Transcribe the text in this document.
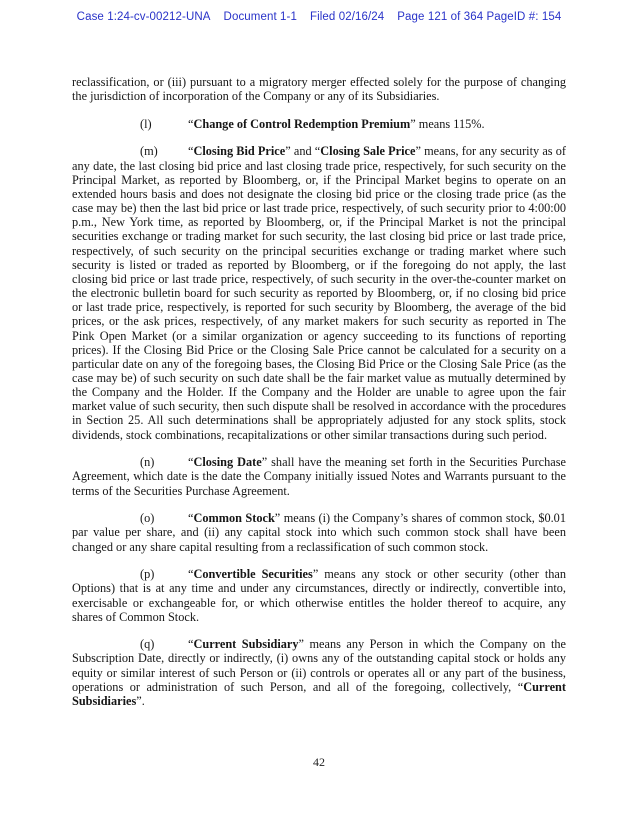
Case 1:24-cv-00212-UNA Document 1-1 Filed 02/16/24 Page 121 of 364 PageID #: 154

reclassification, or (iii) pursuant to a migratory merger effected solely for the purpose of changing the jurisdiction of incorporation of the Company or any of its Subsidiaries.

(l)	“Change of Control Redemption Premium” means 115%.

(m) “Closing Bid Price” and “Closing Sale Price” means, for any security as of any date, the last closing bid price and last closing trade price, respectively, for such security on the Principal Market, as reported by Bloomberg, or, if the Principal Market begins to operate on an extended hours basis and does not designate the closing bid price or the closing trade price (as the case may be) then the last bid price or last trade price, respectively, of such security prior to 4:00:00 p.m., New York time, as reported by Bloomberg, or, if the Principal Market is not the principal securities exchange or trading market for such security, the last closing bid price or last trade price, respectively, of such security on the principal securities exchange or trading market where such security is listed or traded as reported by Bloomberg, or if the foregoing do not apply, the last closing bid price or last trade price, respectively, of such security in the over-the-counter market on the electronic bulletin board for such security as reported by Bloomberg, or, if no closing bid price or last trade price, respectively, is reported for such security by Bloomberg, the average of the bid prices, or the ask prices, respectively, of any market makers for such security as reported in The Pink Open Market (or a similar organization or agency succeeding to its functions of reporting prices). If the Closing Bid Price or the Closing Sale Price cannot be calculated for a security on a particular date on any of the foregoing bases, the Closing Bid Price or the Closing Sale Price (as the case may be) of such security on such date shall be the fair market value as mutually determined by the Company and the Holder. If the Company and the Holder are unable to agree upon the fair market value of such security, then such dispute shall be resolved in accordance with the procedures in Section 25. All such determinations shall be appropriately adjusted for any stock splits, stock dividends, stock combinations, recapitalizations or other similar transactions during such period.

(n)	“Closing Date” shall have the meaning set forth in the Securities Purchase Agreement, which date is the date the Company initially issued Notes and Warrants pursuant to the terms of the Securities Purchase Agreement.

(o)	“Common Stock” means (i) the Company’s shares of common stock, $0.01 par value per share, and (ii) any capital stock into which such common stock shall have been changed or any share capital resulting from a reclassification of such common stock.

(p)	“Convertible Securities” means any stock or other security (other than Options) that is at any time and under any circumstances, directly or indirectly, convertible into, exercisable or exchangeable for, or which otherwise entitles the holder thereof to acquire, any shares of Common Stock.

(q)	“Current Subsidiary” means any Person in which the Company on the Subscription Date, directly or indirectly, (i) owns any of the outstanding capital stock or holds any equity or similar interest of such Person or (ii) controls or operates all or any part of the business, operations or administration of such Person, and all of the foregoing, collectively, “Current Subsidiaries”.

42
